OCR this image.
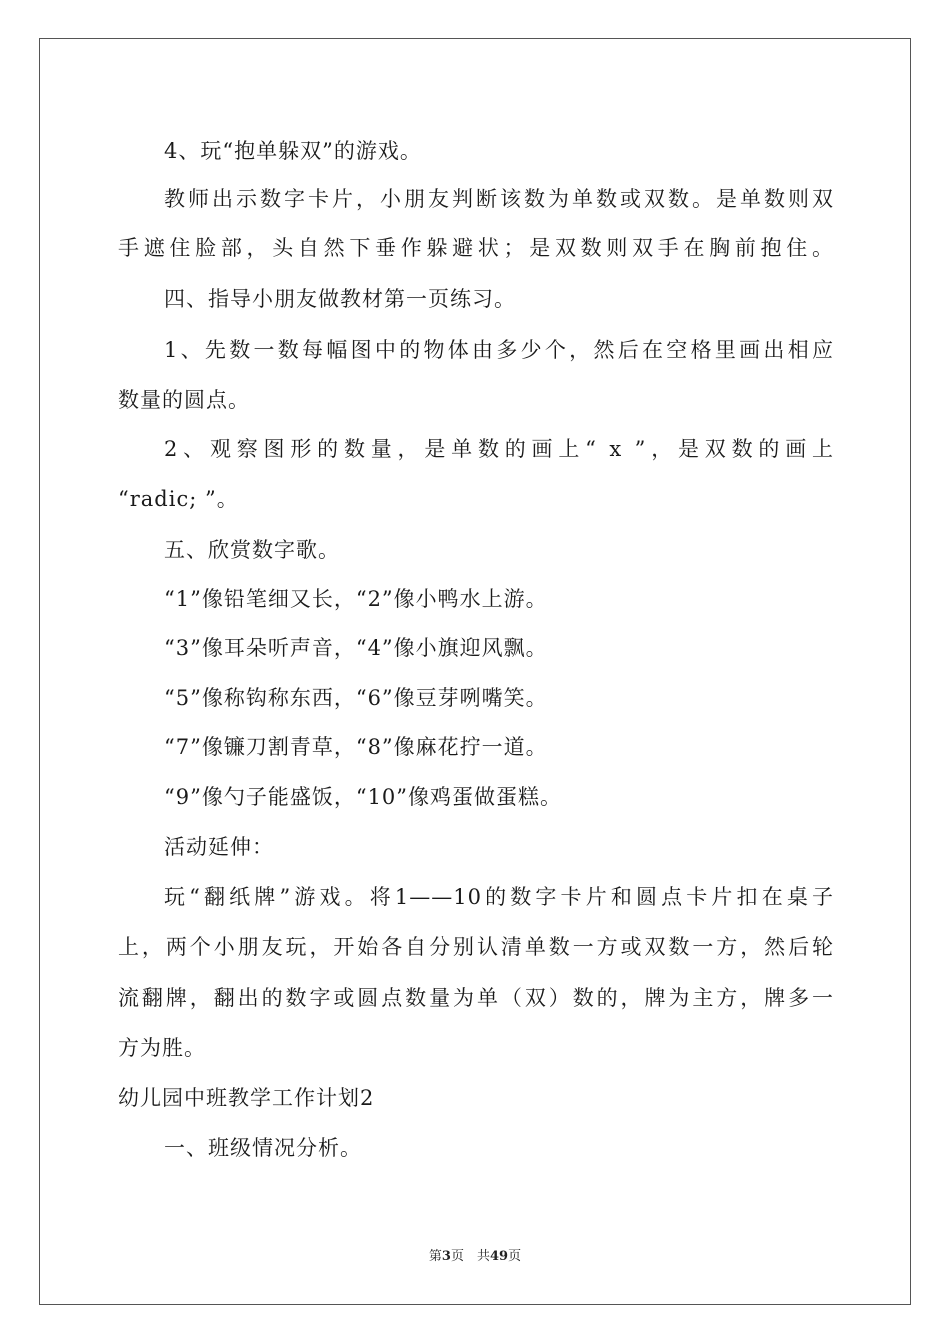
4、玩“抱单躲双”的游戏。
教师出示数字卡片，小朋友判断该数为单数或双数。是单数则双
手遮住脸部，头自然下垂作躲避状；是双数则双手在胸前抱住。
四、指导小朋友做教材第一页练习。
1、先数一数每幅图中的物体由多少个，然后在空格里画出相应
数量的圆点。
2、观察图形的数量，是单数的画上“ x ”，是双数的画上
“radic; ”。
五、欣赏数字歌。
“1”像铅笔细又长，“2”像小鸭水上游。
“3”像耳朵听声音，“4”像小旗迎风飘。
“5”像称钩称东西，“6”像豆芽咧嘴笑。
“7”像镰刀割青草，“8”像麻花拧一道。
“9”像勺子能盛饭，“10”像鸡蛋做蛋糕。
活动延伸：
玩“翻纸牌”游戏。将1——10的数字卡片和圆点卡片扣在桌子
上，两个小朋友玩，开始各自分别认清单数一方或双数一方，然后轮
流翻牌，翻出的数字或圆点数量为单（双）数的，牌为主方，牌多一
方为胜。
幼儿园中班教学工作计划2
一、班级情况分析。
第3页　共49页
